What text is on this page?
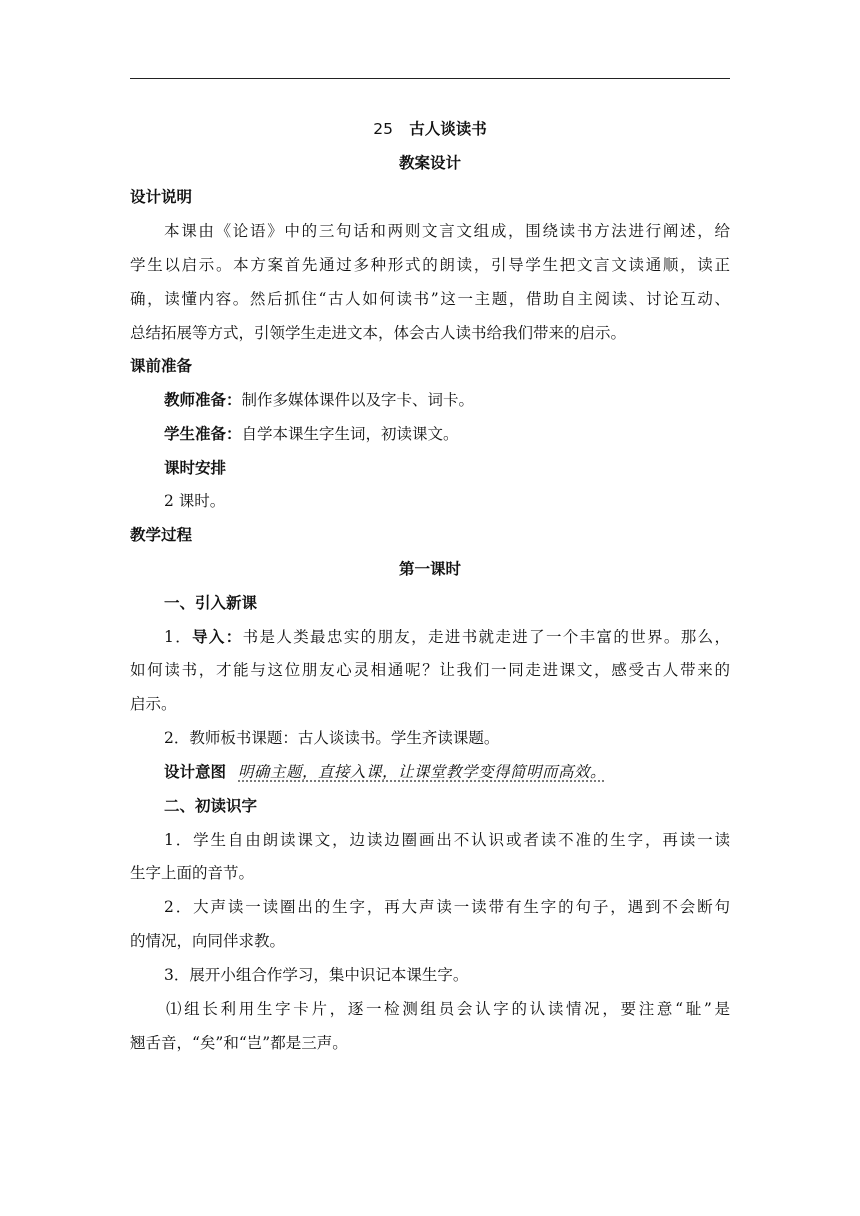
25 古人谈读书
教案设计
设计说明
本课由《论语》中的三句话和两则文言文组成，围绕读书方法进行阐述，给
学生以启示。本方案首先通过多种形式的朗读，引导学生把文言文读通顺，读正
确，读懂内容。然后抓住“古人如何读书”这一主题，借助自主阅读、讨论互动、
总结拓展等方式，引领学生走进文本，体会古人读书给我们带来的启示。
课前准备
教师准备：制作多媒体课件以及字卡、词卡。
学生准备：自学本课生字生词，初读课文。
课时安排
2 课时。
教学过程
第一课时
一、引入新课
1．导入：书是人类最忠实的朋友，走进书就走进了一个丰富的世界。那么，
如何读书，才能与这位朋友心灵相通呢？让我们一同走进课文，感受古人带来的
启示。
2．教师板书课题：古人谈读书。学生齐读课题。
设计意图 明确主题，直接入课，让课堂教学变得简明而高效。
二、初读识字
1．学生自由朗读课文，边读边圈画出不认识或者读不准的生字，再读一读
生字上面的音节。
2．大声读一读圈出的生字，再大声读一读带有生字的句子，遇到不会断句
的情况，向同伴求教。
3．展开小组合作学习，集中识记本课生字。
⑴组长利用生字卡片，逐一检测组员会认字的认读情况，要注意“耻”是
翘舌音，“矣”和“岂”都是三声。
